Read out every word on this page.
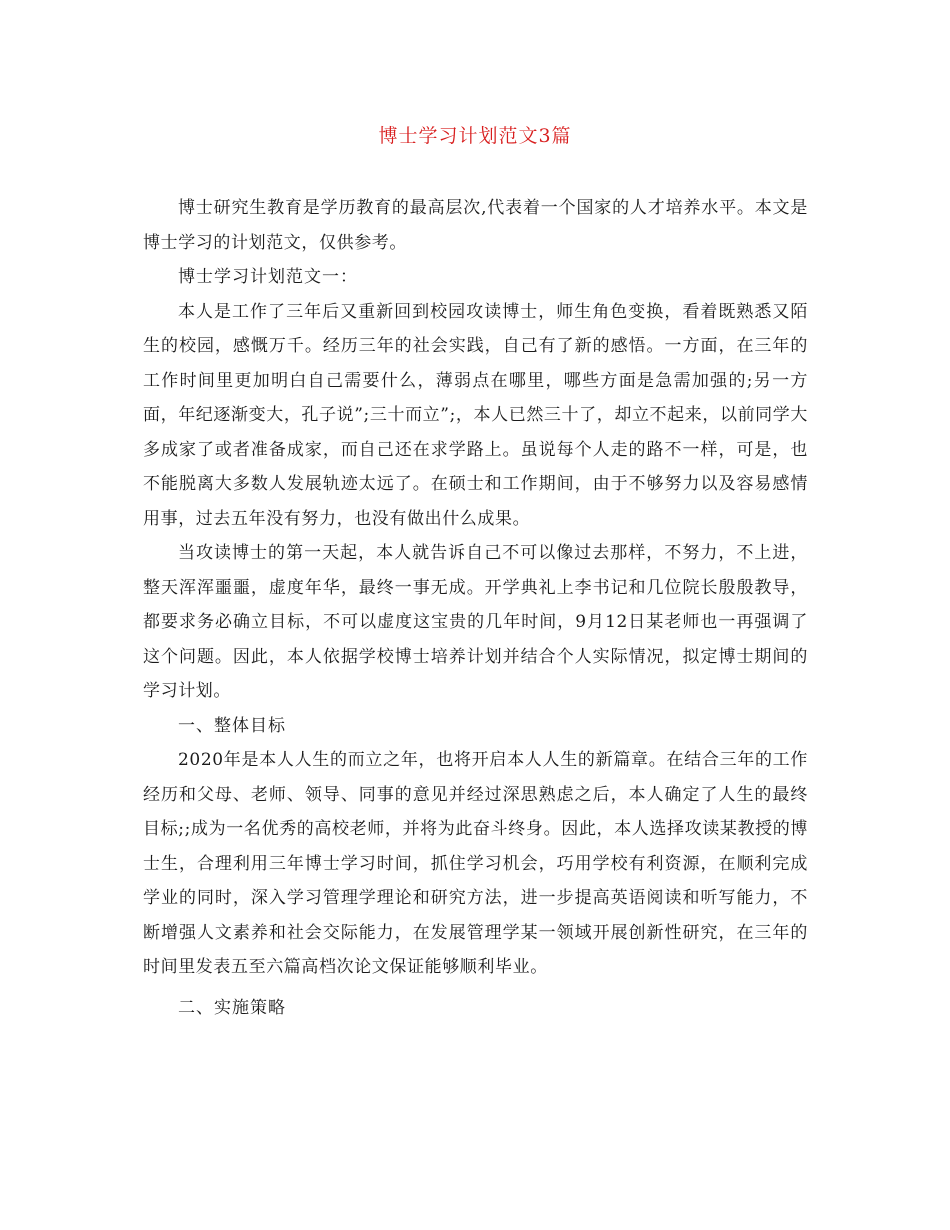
博士学习计划范文3篇

博士研究生教育是学历教育的最高层次,代表着一个国家的人才培养水平。本文是博士学习的计划范文，仅供参考。

博士学习计划范文一：

本人是工作了三年后又重新回到校园攻读博士，师生角色变换，看着既熟悉又陌生的校园，感慨万千。经历三年的社会实践，自己有了新的感悟。一方面，在三年的工作时间里更加明白自己需要什么，薄弱点在哪里，哪些方面是急需加强的;另一方面，年纪逐渐变大，孔子说”;三十而立”;，本人已然三十了，却立不起来，以前同学大多成家了或者准备成家，而自己还在求学路上。虽说每个人走的路不一样，可是，也不能脱离大多数人发展轨迹太远了。在硕士和工作期间，由于不够努力以及容易感情用事，过去五年没有努力，也没有做出什么成果。

当攻读博士的第一天起，本人就告诉自己不可以像过去那样，不努力，不上进，整天浑浑噩噩，虚度年华，最终一事无成。开学典礼上李书记和几位院长殷殷教导，都要求务必确立目标，不可以虚度这宝贵的几年时间，9月12日某老师也一再强调了这个问题。因此，本人依据学校博士培养计划并结合个人实际情况，拟定博士期间的学习计划。

一、整体目标

2020年是本人人生的而立之年，也将开启本人人生的新篇章。在结合三年的工作经历和父母、老师、领导、同事的意见并经过深思熟虑之后，本人确定了人生的最终目标;;成为一名优秀的高校老师，并将为此奋斗终身。因此，本人选择攻读某教授的博士生，合理利用三年博士学习时间，抓住学习机会，巧用学校有利资源，在顺利完成学业的同时，深入学习管理学理论和研究方法，进一步提高英语阅读和听写能力，不断增强人文素养和社会交际能力，在发展管理学某一领域开展创新性研究，在三年的时间里发表五至六篇高档次论文保证能够顺利毕业。

二、实施策略
